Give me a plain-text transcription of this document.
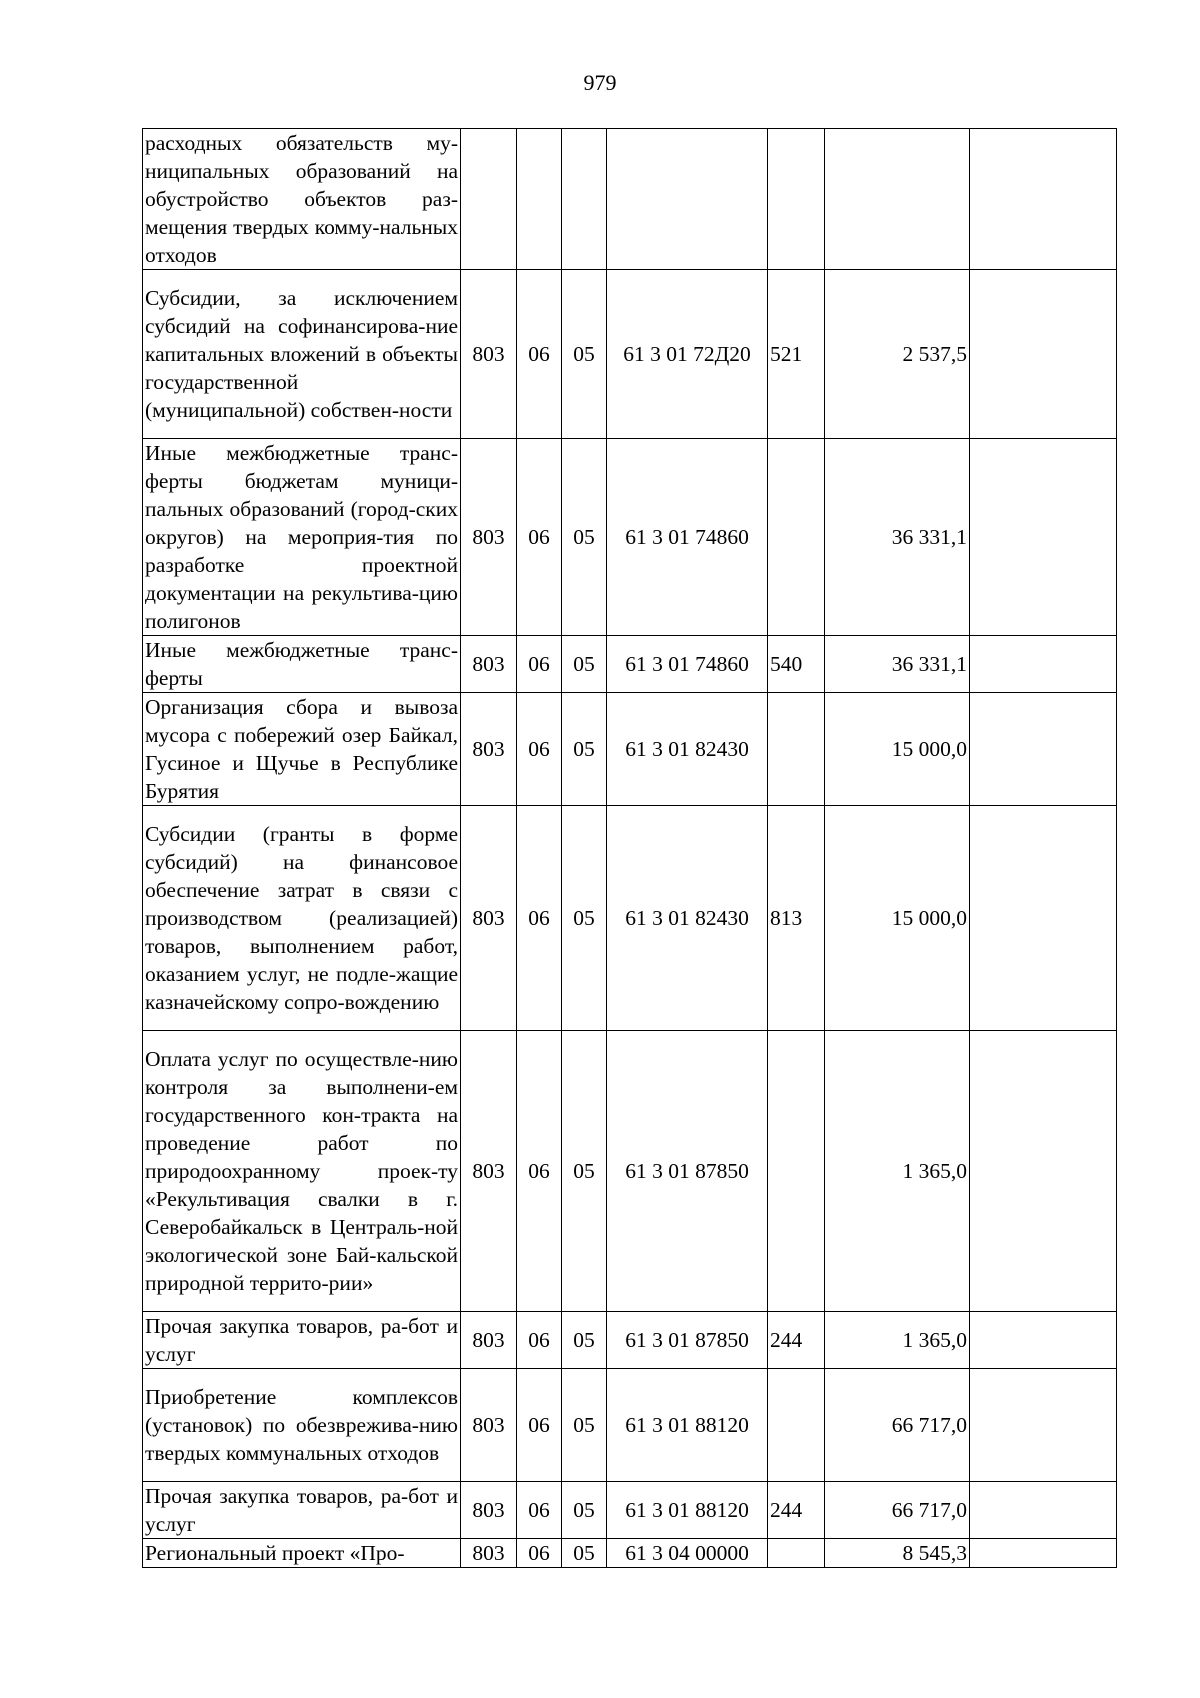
979
расходных обязательств му-ниципальных образований на обустройство объектов раз-мещения твердых комму-нальных отходов							
Субсидии, за исключением субсидий на софинансирова-ние капитальных вложений в объекты государственной (муниципальной) собствен-ности	803	06	05	61 3 01 72Д20	521	2 537,5	
Иные межбюджетные транс-ферты бюджетам муници-пальных образований (город-ских округов) на мероприя-тия по разработке проектной документации на рекультива-цию полигонов	803	06	05	61 3 01 74860		36 331,1	
Иные межбюджетные транс-ферты	803	06	05	61 3 01 74860	540	36 331,1	
Организация сбора и вывоза мусора с побережий озер Байкал, Гусиное и Щучье в Республике Бурятия	803	06	05	61 3 01 82430		15 000,0	
Субсидии (гранты в форме субсидий) на финансовое обеспечение затрат в связи с производством (реализацией) товаров, выполнением работ, оказанием услуг, не подле-жащие казначейскому сопро-вождению	803	06	05	61 3 01 82430	813	15 000,0	
Оплата услуг по осуществле-нию контроля за выполнени-ем государственного кон-тракта на проведение работ по природоохранному проек-ту «Рекультивация свалки в г. Северобайкальск в Централь-ной экологической зоне Бай-кальской природной террито-рии»	803	06	05	61 3 01 87850		1 365,0	
Прочая закупка товаров, ра-бот и услуг	803	06	05	61 3 01 87850	244	1 365,0	
Приобретение комплексов (установок) по обезврежива-нию твердых коммунальных отходов	803	06	05	61 3 01 88120		66 717,0	
Прочая закупка товаров, ра-бот и услуг	803	06	05	61 3 01 88120	244	66 717,0	
Региональный проект «Про-	803	06	05	61 3 04 00000		8 545,3	
